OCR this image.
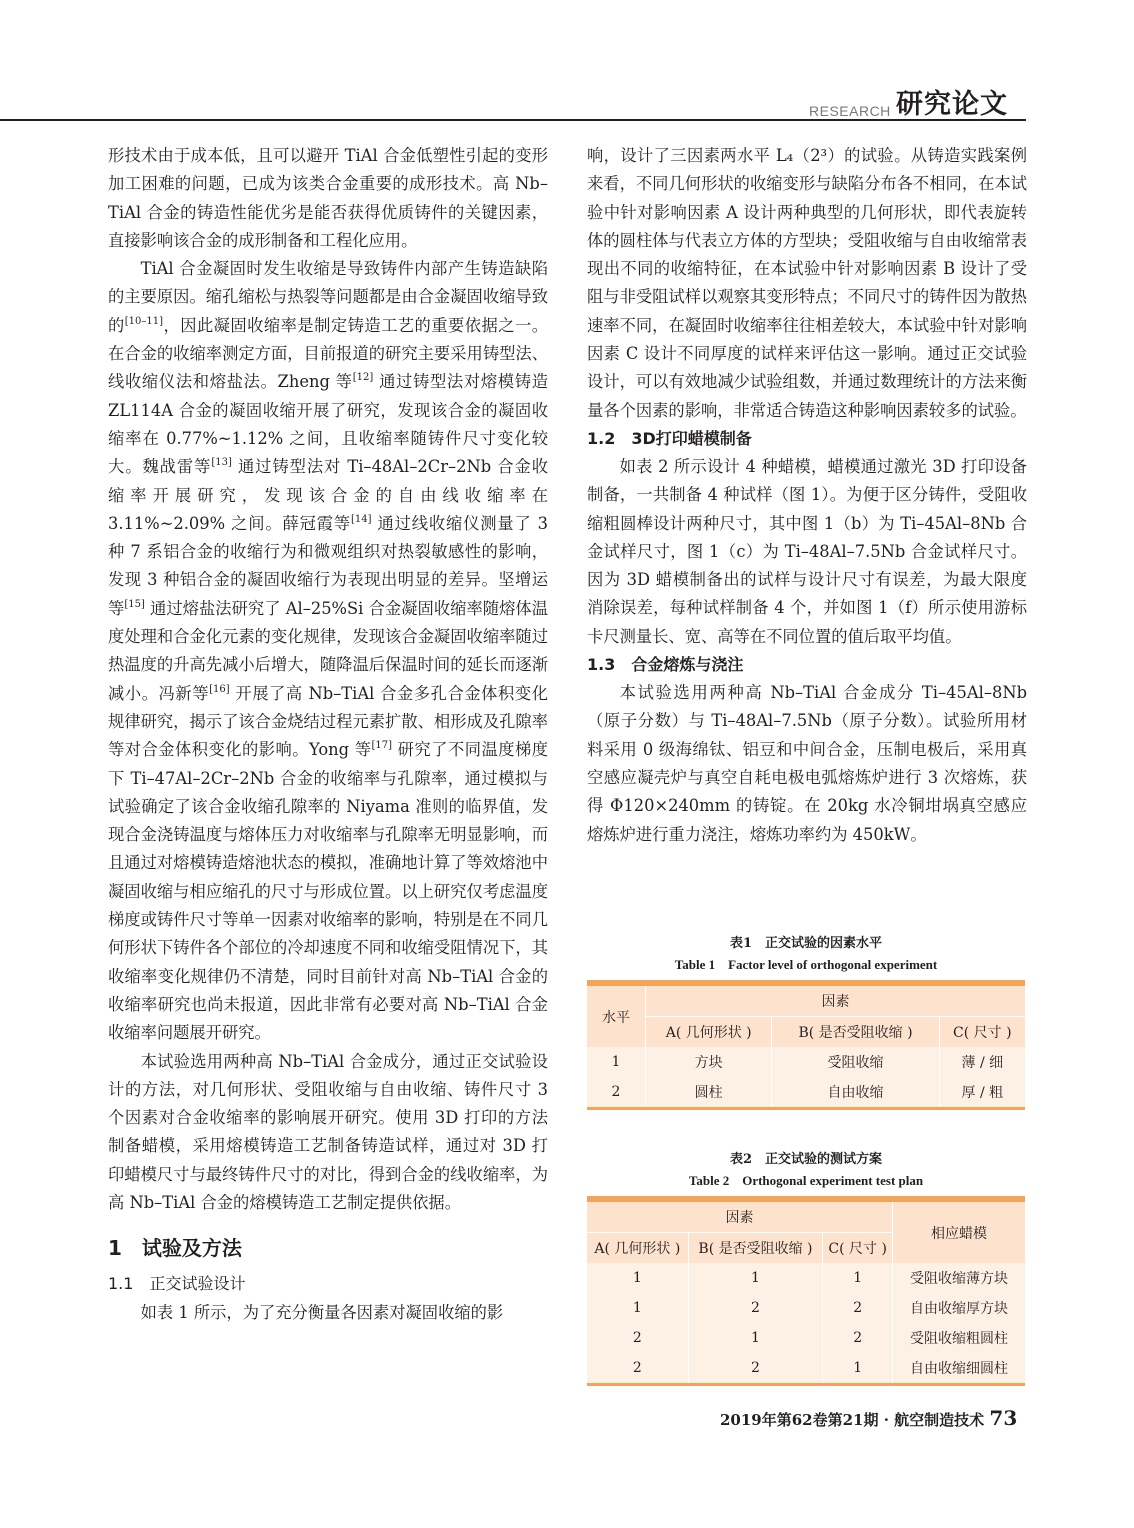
RESEARCH 研究论文

形技术由于成本低，且可以避开 TiAl 合金低塑性引起的变形加工困难的问题，已成为该类合金重要的成形技术。高 Nb–TiAl 合金的铸造性能优劣是能否获得优质铸件的关键因素，直接影响该合金的成形制备和工程化应用。

TiAl 合金凝固时发生收缩是导致铸件内部产生铸造缺陷的主要原因。缩孔缩松与热裂等问题都是由合金凝固收缩导致的[10–11]，因此凝固收缩率是制定铸造工艺的重要依据之一。在合金的收缩率测定方面，目前报道的研究主要采用铸型法、线收缩仪法和熔盐法。Zheng 等[12] 通过铸型法对熔模铸造 ZL114A 合金的凝固收缩开展了研究，发现该合金的凝固收缩率在 0.77%~1.12% 之间，且收缩率随铸件尺寸变化较大。魏战雷等[13] 通过铸型法对 Ti–48Al–2Cr–2Nb 合金收缩率开展研究，发现该合金的自由线收缩率在 3.11%~2.09% 之间。薛冠霞等[14] 通过线收缩仪测量了 3 种 7 系铝合金的收缩行为和微观组织对热裂敏感性的影响，发现 3 种铝合金的凝固收缩行为表现出明显的差异。坚增运等[15] 通过熔盐法研究了 Al–25%Si 合金凝固收缩率随熔体温度处理和合金化元素的变化规律，发现该合金凝固收缩率随过热温度的升高先减小后增大，随降温后保温时间的延长而逐渐减小。冯新等[16] 开展了高 Nb–TiAl 合金多孔合金体积变化规律研究，揭示了该合金烧结过程元素扩散、相形成及孔隙率等对合金体积变化的影响。Yong 等[17] 研究了不同温度梯度下 Ti–47Al–2Cr–2Nb 合金的收缩率与孔隙率，通过模拟与试验确定了该合金收缩孔隙率的 Niyama 准则的临界值，发现合金浇铸温度与熔体压力对收缩率与孔隙率无明显影响，而且通过对熔模铸造熔池状态的模拟，准确地计算了等效熔池中凝固收缩与相应缩孔的尺寸与形成位置。以上研究仅考虑温度梯度或铸件尺寸等单一因素对收缩率的影响，特别是在不同几何形状下铸件各个部位的冷却速度不同和收缩受阻情况下，其收缩率变化规律仍不清楚，同时目前针对高 Nb–TiAl 合金的收缩率研究也尚未报道，因此非常有必要对高 Nb–TiAl 合金收缩率问题展开研究。

本试验选用两种高 Nb–TiAl 合金成分，通过正交试验设计的方法，对几何形状、受阻收缩与自由收缩、铸件尺寸 3 个因素对合金收缩率的影响展开研究。使用 3D 打印的方法制备蜡模，采用熔模铸造工艺制备铸造试样，通过对 3D 打印蜡模尺寸与最终铸件尺寸的对比，得到合金的线收缩率，为高 Nb–TiAl 合金的熔模铸造工艺制定提供依据。

1　试验及方法
1.1　正交试验设计

如表 1 所示，为了充分衡量各因素对凝固收缩的影

响，设计了三因素两水平 L₄（2³）的试验。从铸造实践案例来看，不同几何形状的收缩变形与缺陷分布各不相同，在本试验中针对影响因素 A 设计两种典型的几何形状，即代表旋转体的圆柱体与代表立方体的方型块；受阻收缩与自由收缩常表现出不同的收缩特征，在本试验中针对影响因素 B 设计了受阻与非受阻试样以观察其变形特点；不同尺寸的铸件因为散热速率不同，在凝固时收缩率往往相差较大，本试验中针对影响因素 C 设计不同厚度的试样来评估这一影响。通过正交试验设计，可以有效地减少试验组数，并通过数理统计的方法来衡量各个因素的影响，非常适合铸造这种影响因素较多的试验。

1.2　3D打印蜡模制备

如表 2 所示设计 4 种蜡模，蜡模通过激光 3D 打印设备制备，一共制备 4 种试样（图 1）。为便于区分铸件，受阻收缩粗圆棒设计两种尺寸，其中图 1（b）为 Ti–45Al–8Nb 合金试样尺寸，图 1（c）为 Ti–48Al–7.5Nb 合金试样尺寸。因为 3D 蜡模制备出的试样与设计尺寸有误差，为最大限度消除误差，每种试样制备 4 个，并如图 1（f）所示使用游标卡尺测量长、宽、高等在不同位置的值后取平均值。

1.3　合金熔炼与浇注

本试验选用两种高 Nb–TiAl 合金成分 Ti–45Al–8Nb（原子分数）与 Ti–48Al–7.5Nb（原子分数）。试验所用材料采用 0 级海绵钛、铝豆和中间合金，压制电极后，采用真空感应凝壳炉与真空自耗电极电弧熔炼炉进行 3 次熔炼，获得 Φ120×240mm 的铸锭。在 20kg 水冷铜坩埚真空感应熔炼炉进行重力浇注，熔炼功率约为 450kW。

表1　正交试验的因素水平
Table 1　Factor level of orthogonal experiment
水平	因素		
	A( 几何形状 )	B( 是否受阻收缩 )	C( 尺寸 )
1	方块	受阻收缩	薄 / 细
2	圆柱	自由收缩	厚 / 粗
表2　正交试验的测试方案
Table 2　Orthogonal experiment test plan
因素			相应蜡模
A( 几何形状 )	B( 是否受阻收缩 )	C( 尺寸 )	
1	1	1	受阻收缩薄方块
1	2	2	自由收缩厚方块
2	1	2	受阻收缩粗圆柱
2	2	1	自由收缩细圆柱
2019年第62卷第21期 · 航空制造技术 73
